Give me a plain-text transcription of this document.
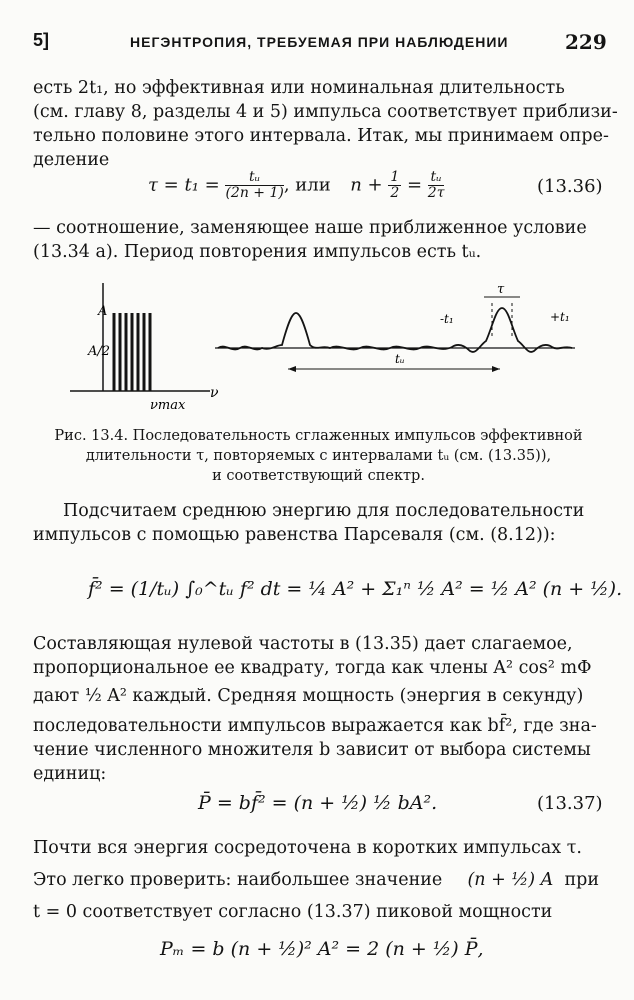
5]	НЕГЭНТРОПИЯ, ТРЕБУЕМАЯ ПРИ НАБЛЮДЕНИИ	229
есть 2t₁, но эффективная или номинальная длительность
(см. главу 8, разделы 4 и 5) импульса соответствует приблизи-
тельно половине этого интервала. Итак, мы принимаем опре-
деление
$\tau = t_1 = \frac{\text{tᵤ}}{(2n + 1)}$ , или $n + \frac{1}{2} = \frac{\text{tᵤ}}{2\tau}$	(13.36)
— соотношение, заменяющее наше приближенное условие
(13.34 а). Период повторения импульсов есть tᵤ.
A
A/2
ν
νmax
τ
-t₁	+t₁
tᵤ
Рис. 13.4. Последовательность сглаженных импульсов эффективной
длительности τ, повторяемых с интервалами tᵤ (см. (13.35)),
и соответствующий спектр.
Подсчитаем среднюю энергию для последовательности
импульсов с помощью равенства Парсеваля (см. (8.12)):
f̄² = (1/tᵤ) ∫₀^tᵤ f² dt = ¼ A² + Σ₁ⁿ ½ A² = ½ A² (n + ½).
Составляющая нулевой частоты в (13.35) дает слагаемое,
пропорциональное ее квадрату, тогда как члены A² cos² mΦ
дают ½ A² каждый. Средняя мощность (энергия в секунду)
последовательности импульсов выражается как bf̄², где зна-
чение численного множителя b зависит от выбора системы
единиц:
P̄ = bf̄² = (n + ½) ½ bA².	(13.37)
Почти вся энергия сосредоточена в коротких импульсах τ.
Это легко проверить: наибольшее значение (n + ½) A при
t = 0 соответствует согласно (13.37) пиковой мощности
Pₘ = b (n + ½)² A² = 2 (n + ½) P̄,
